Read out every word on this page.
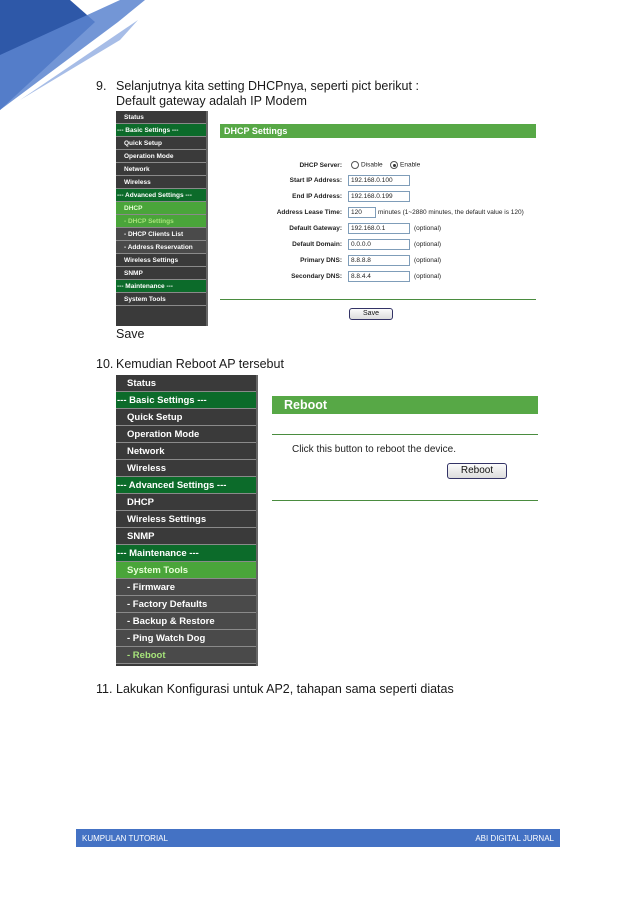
9. Selanjutnya kita setting DHCPnya, seperti pict berikut :
Default gateway adalah IP Modem
Status
--- Basic Settings ---
Quick Setup
Operation Mode
Network
Wireless
--- Advanced Settings ---
DHCP
- DHCP Settings
- DHCP Clients List
- Address Reservation
Wireless Settings
SNMP
--- Maintenance ---
System Tools
DHCP Settings
DHCP Server:	Disable	Enable
Start IP Address:	192.168.0.100
End IP Address:	192.168.0.199
Address Lease Time:	120	minutes (1~2880 minutes, the default value is 120)
Default Gateway:	192.168.0.1	(optional)
Default Domain:	0.0.0.0	(optional)
Primary DNS:	8.8.8.8	(optional)
Secondary DNS:	8.8.4.4	(optional)
Save
Save
10. Kemudian Reboot AP tersebut
Status
--- Basic Settings ---
Quick Setup
Operation Mode
Network
Wireless
--- Advanced Settings ---
DHCP
Wireless Settings
SNMP
--- Maintenance ---
System Tools
- Firmware
- Factory Defaults
- Backup & Restore
- Ping Watch Dog
- Reboot
Reboot
Click this button to reboot the device.
Reboot
11. Lakukan Konfigurasi untuk AP2, tahapan sama seperti diatas
KUMPULAN TUTORIAL	ABI DIGITAL JURNAL
